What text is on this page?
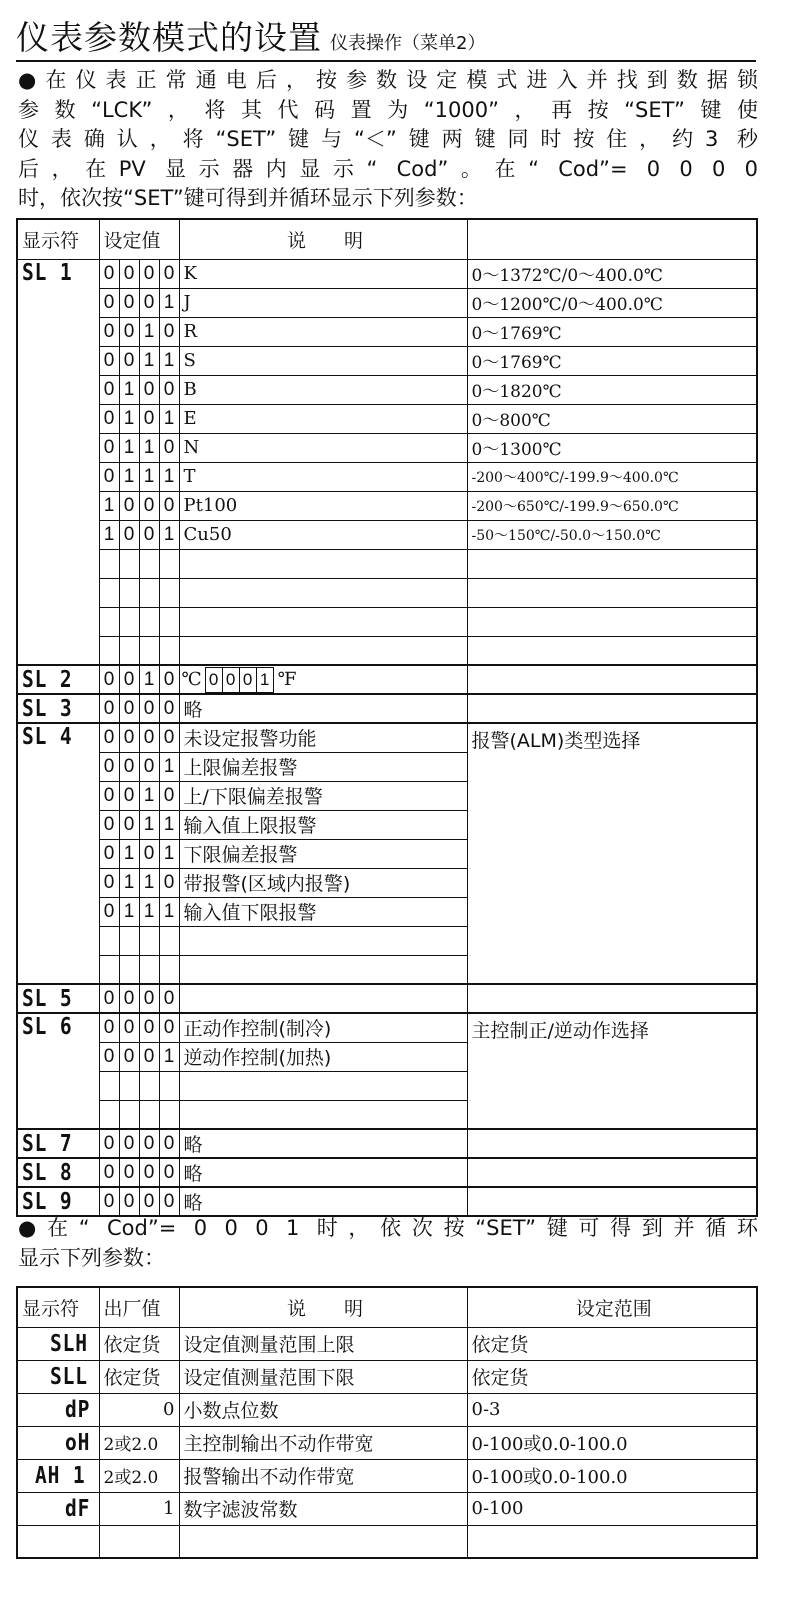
仪表参数模式的设置 仪表操作（菜单2）
●在仪表正常通电后，按参数设定模式进入并找到数据锁
参数“LCK”，将其代码置为“1000”，再按“SET”键使
仪表确认，将“SET”键与“＜”键两键同时按住，约3 秒
后，在PV 显示器内显示“ Cod”。在“ Cod”= 0 0 0 0
时，依次按“SET”键可得到并循环显示下列参数：
显示符	设定值				说　　明	
SL 1	0	0	0	0	K	0～1372℃/0～400.0℃
	0	0	0	1	J	0～1200℃/0～400.0℃
	0	0	1	0	R	0～1769℃
	0	0	1	1	S	0～1769℃
	0	1	0	0	B	0～1820℃
	0	1	0	1	E	0～800℃
	0	1	1	0	N	0～1300℃
	0	1	1	1	T	-200～400℃/-199.9～400.0℃
	1	0	0	0	Pt100	-200～650℃/-199.9～650.0℃
	1	0	0	1	Cu50	-50～150℃/-50.0～150.0℃

SL 2	0	0	1	0	℃ 0 0 0 1 ℉	
SL 3	0	0	0	0	略	
SL 4	0	0	0	0	未设定报警功能	报警(ALM)类型选择
	0	0	0	1	上限偏差报警	
	0	0	1	0	上/下限偏差报警	
	0	0	1	1	输入值上限报警	
	0	1	0	1	下限偏差报警	
	0	1	1	0	带报警(区域内报警)	
	0	1	1	1	输入值下限报警	

SL 5	0	0	0	0		
SL 6	0	0	0	0	正动作控制(制冷)	主控制正/逆动作选择
	0	0	0	1	逆动作控制(加热)	

SL 7	0	0	0	0	略	
SL 8	0	0	0	0	略	
SL 9	0	0	0	0	略	
●在“ Cod”= 0 0 0 1 时，依次按“SET”键可得到并循环
显示下列参数：
显示符	出厂值	说　　明	设定范围
SLH	依定货	设定值测量范围上限	依定货
SLL	依定货	设定值测量范围下限	依定货
dP	0	小数点位数	0-3
oH	2或2.0	主控制输出不动作带宽	0-100或0.0-100.0
AH 1	2或2.0	报警输出不动作带宽	0-100或0.0-100.0
dF	1	数字滤波常数	0-100
